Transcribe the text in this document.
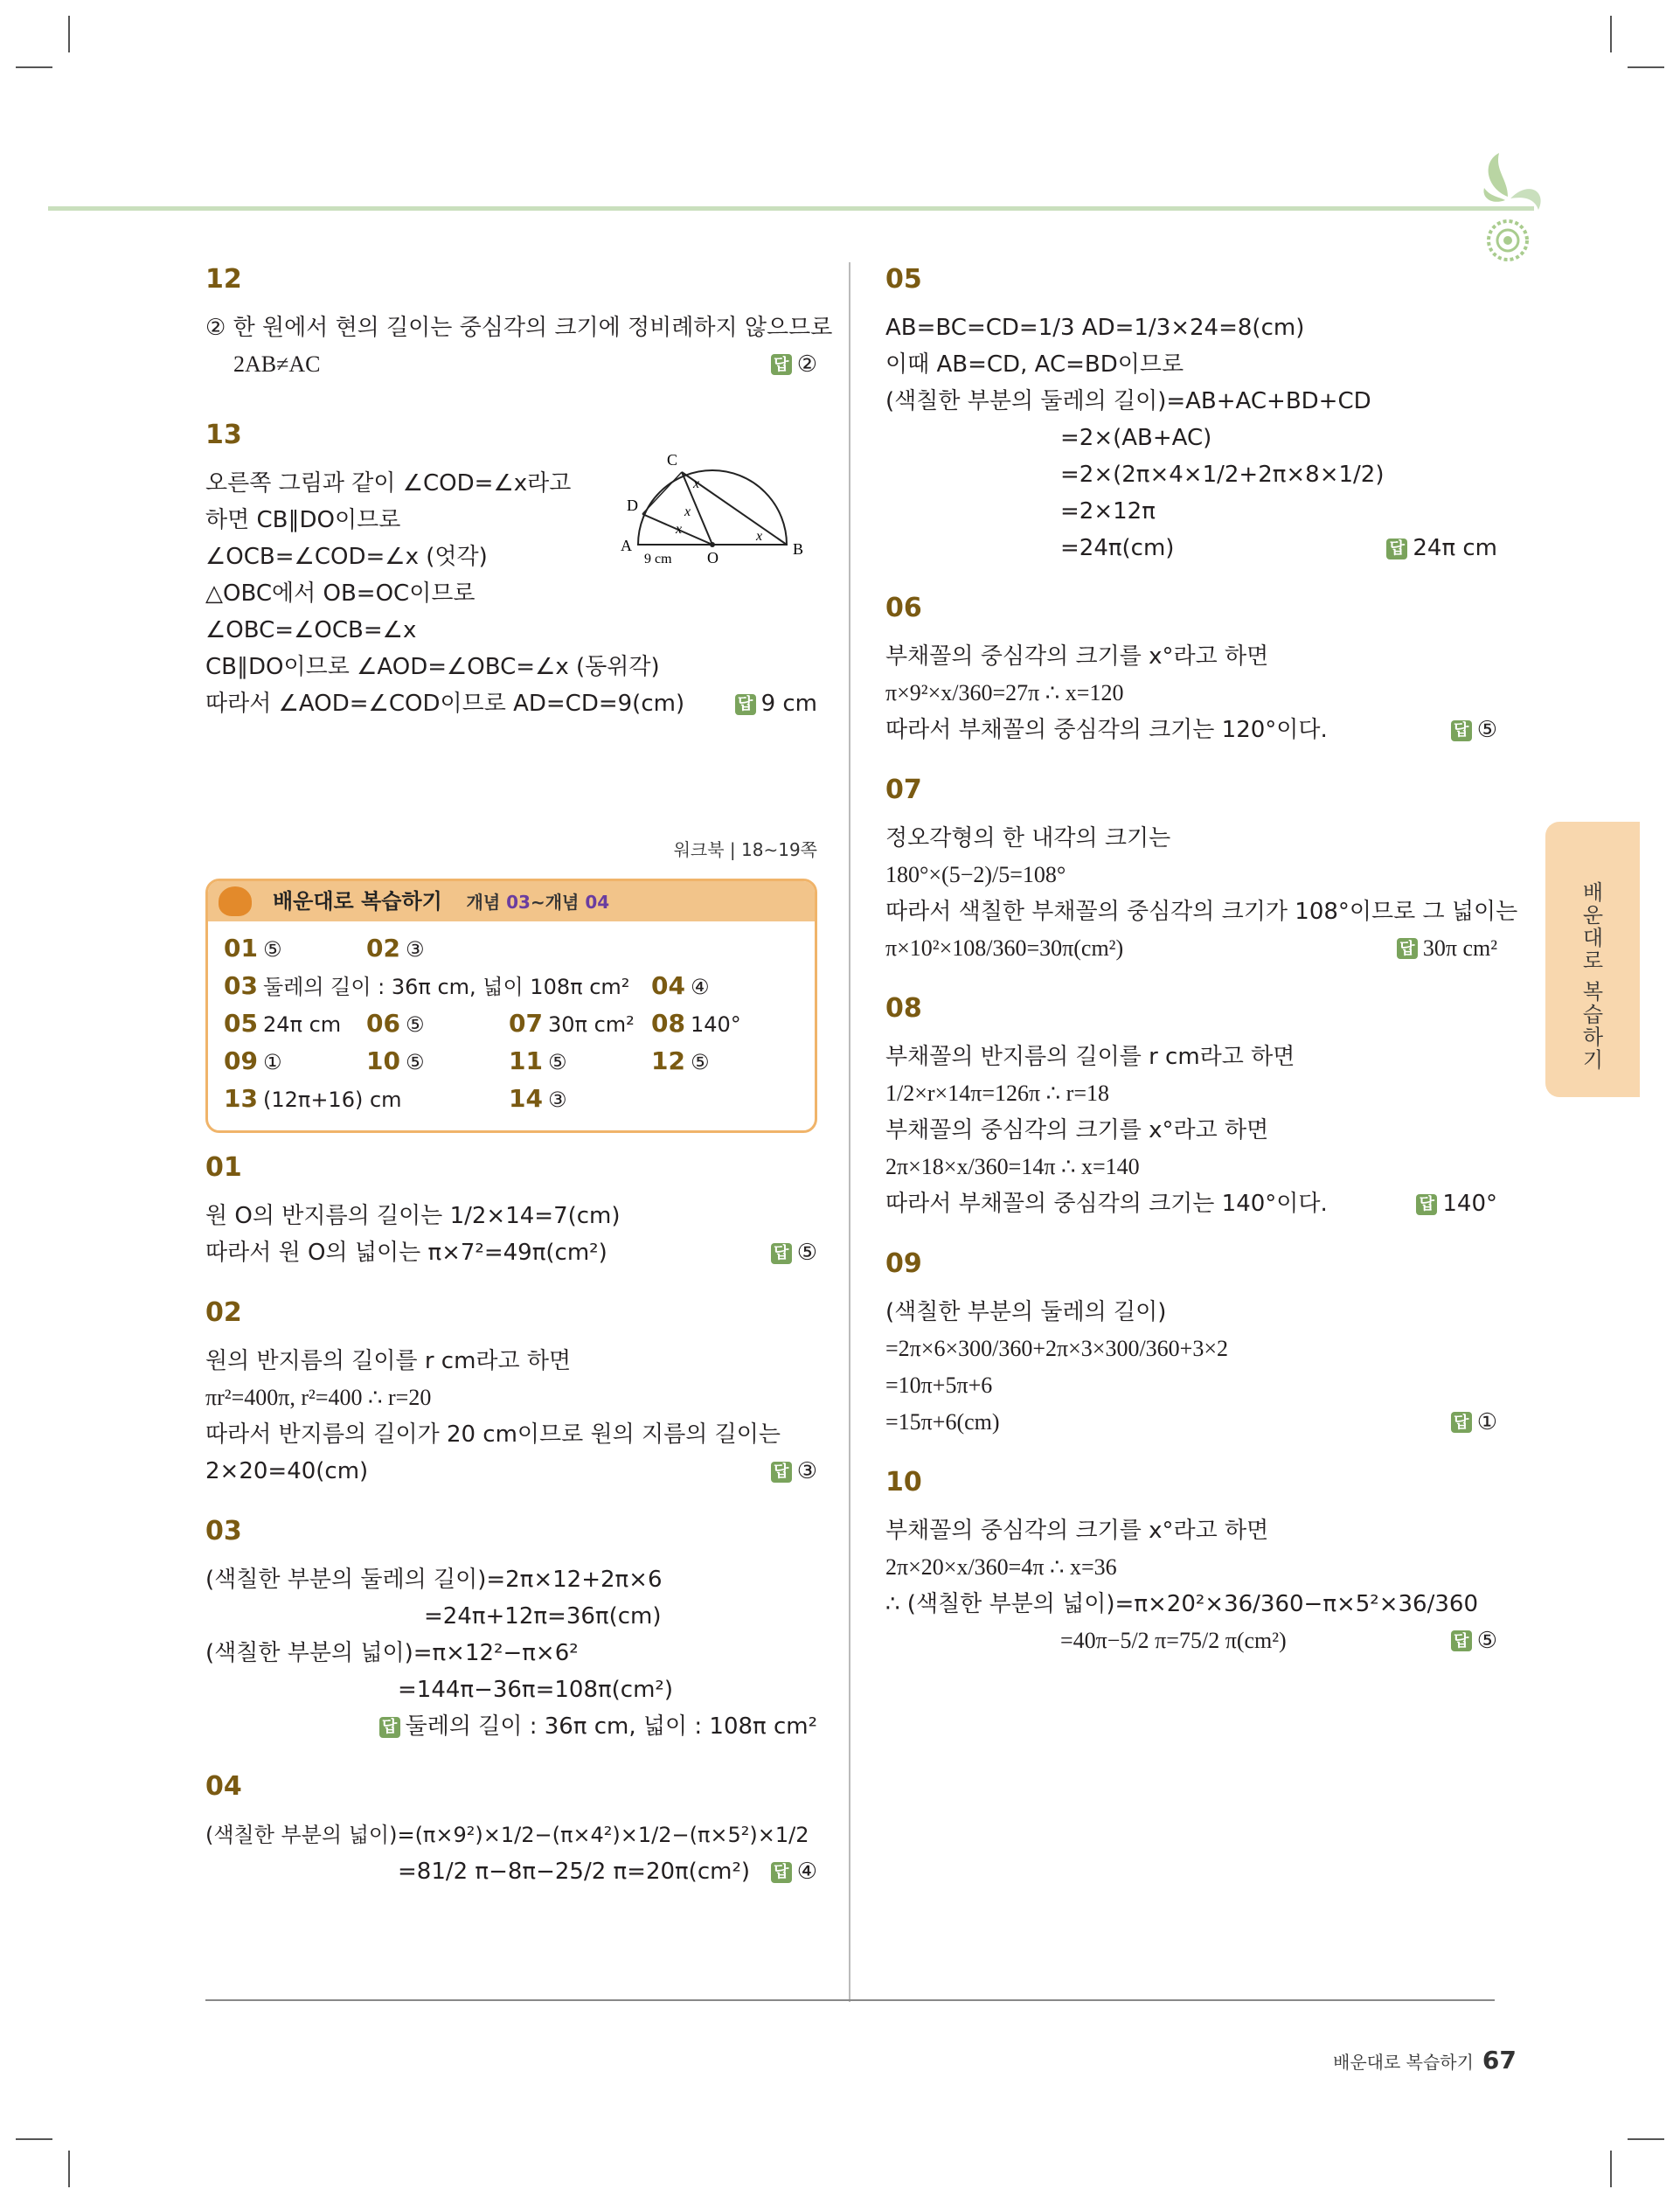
12
② 한 원에서 현의 길이는 중심각의 크기에 정비례하지 않으므로
2AB≠AC	답 ②
13
오른쪽 그림과 같이 ∠COD=∠x라고
하면 CB∥DO이므로
∠OCB=∠COD=∠x (엇각)
△OBC에서 OB=OC이므로
∠OBC=∠OCB=∠x
CB∥DO이므로 ∠AOD=∠OBC=∠x (동위각)
따라서 ∠AOD=∠COD이므로 AD=CD=9(cm)	답 9 cm
C
D
A
O	B
9 cm
x
x
x	x
워크북 | 18∼19쪽
배운대로 복습하기 개념 03∼개념 04
01 ⑤	02 ③
03 둘레의 길이 : 36π cm, 넓이 108π cm² 04 ④
05 24π cm	06 ⑤	07 30π cm² 08 140°
09 ①	10 ⑤	11 ⑤	12 ⑤
13 (12π+16) cm	14 ③
01
원 O의 반지름의 길이는 1/2×14=7(cm)
따라서 원 O의 넓이는 π×7²=49π(cm²)	답 ⑤
02
원의 반지름의 길이를 r cm라고 하면
πr²=400π, r²=400 ∴ r=20
따라서 반지름의 길이가 20 cm이므로 원의 지름의 길이는
2×20=40(cm)	답 ③
03
(색칠한 부분의 둘레의 길이)=2π×12+2π×6
=24π+12π=36π(cm)
(색칠한 부분의 넓이)=π×12²−π×6²
=144π−36π=108π(cm²)
답 둘레의 길이 : 36π cm, 넓이 : 108π cm²
04
(색칠한 부분의 넓이)=(π×9²)×1/2−(π×4²)×1/2−(π×5²)×1/2
=81/2 π−8π−25/2 π=20π(cm²) 답 ④
05
AB=BC=CD=1/3 AD=1/3×24=8(cm)
이때 AB=CD, AC=BD이므로
(색칠한 부분의 둘레의 길이)=AB+AC+BD+CD
=2×(AB+AC)
=2×(2π×4×1/2+2π×8×1/2)
=2×12π
=24π(cm)	답 24π cm
06
부채꼴의 중심각의 크기를 x°라고 하면
π×9²×x/360=27π ∴ x=120
따라서 부채꼴의 중심각의 크기는 120°이다.	답 ⑤
07
정오각형의 한 내각의 크기는
180°×(5−2)/5=108°
따라서 색칠한 부채꼴의 중심각의 크기가 108°이므로 그 넓이는
π×10²×108/360=30π(cm²)	답 30π cm²
08
부채꼴의 반지름의 길이를 r cm라고 하면
1/2×r×14π=126π ∴ r=18
부채꼴의 중심각의 크기를 x°라고 하면
2π×18×x/360=14π ∴ x=140
따라서 부채꼴의 중심각의 크기는 140°이다.	답 140°
09
(색칠한 부분의 둘레의 길이)
=2π×6×300/360+2π×3×300/360+3×2
=10π+5π+6
=15π+6(cm)	답 ①
10
부채꼴의 중심각의 크기를 x°라고 하면
2π×20×x/360=4π ∴ x=36
∴ (색칠한 부분의 넓이)=π×20²×36/360−π×5²×36/360
=40π−5/2 π=75/2 π(cm²)	답 ⑤
배운대로 복습하기
배운대로 복습하기 67
